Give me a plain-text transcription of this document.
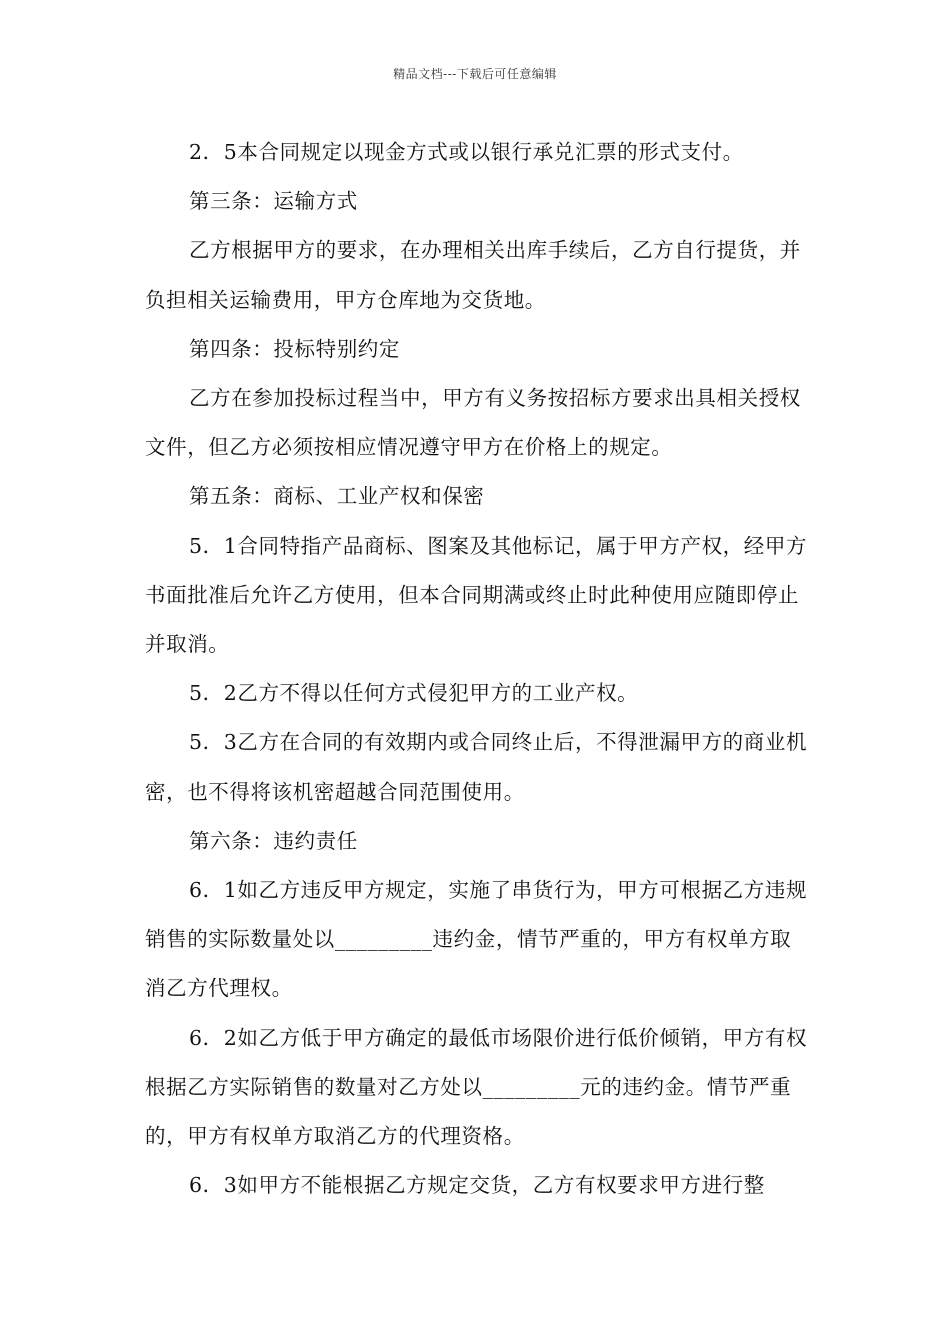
精品文档---下载后可任意编辑

2．5本合同规定以现金方式或以银行承兑汇票的形式支付。

第三条：运输方式

乙方根据甲方的要求，在办理相关出库手续后，乙方自行提货，并负担相关运输费用，甲方仓库地为交货地。

第四条：投标特别约定

乙方在参加投标过程当中，甲方有义务按招标方要求出具相关授权文件，但乙方必须按相应情况遵守甲方在价格上的规定。

第五条：商标、工业产权和保密

5．1合同特指产品商标、图案及其他标记，属于甲方产权，经甲方书面批准后允许乙方使用，但本合同期满或终止时此种使用应随即停止并取消。

5．2乙方不得以任何方式侵犯甲方的工业产权。

5．3乙方在合同的有效期内或合同终止后，不得泄漏甲方的商业机密，也不得将该机密超越合同范围使用。

第六条：违约责任

6．1如乙方违反甲方规定，实施了串货行为，甲方可根据乙方违规销售的实际数量处以_________违约金，情节严重的，甲方有权单方取消乙方代理权。

6．2如乙方低于甲方确定的最低市场限价进行低价倾销，甲方有权根据乙方实际销售的数量对乙方处以_________元的违约金。情节严重的，甲方有权单方取消乙方的代理资格。

6．3如甲方不能根据乙方规定交货，乙方有权要求甲方进行整
